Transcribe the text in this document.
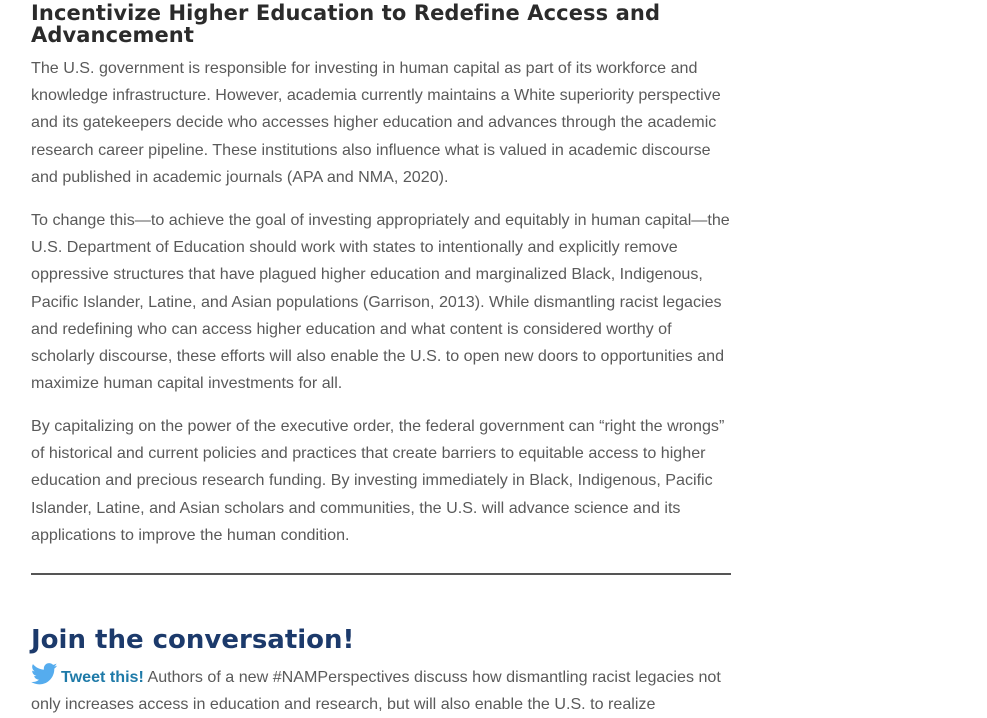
Incentivize Higher Education to Redefine Access and Advancement

The U.S. government is responsible for investing in human capital as part of its workforce and knowledge infrastructure. However, academia currently maintains a White superiority perspective and its gatekeepers decide who accesses higher education and advances through the academic research career pipeline. These institutions also influence what is valued in academic discourse and published in academic journals (APA and NMA, 2020).

To change this—to achieve the goal of investing appropriately and equitably in human capital—the U.S. Department of Education should work with states to intentionally and explicitly remove oppressive structures that have plagued higher education and marginalized Black, Indigenous, Pacific Islander, Latine, and Asian populations (Garrison, 2013). While dismantling racist legacies and redefining who can access higher education and what content is considered worthy of scholarly discourse, these efforts will also enable the U.S. to open new doors to opportunities and maximize human capital investments for all.

By capitalizing on the power of the executive order, the federal government can “right the wrongs” of historical and current policies and practices that create barriers to equitable access to higher education and precious research funding. By investing immediately in Black, Indigenous, Pacific Islander, Latine, and Asian scholars and communities, the U.S. will advance science and its applications to improve the human condition.

Join the conversation!

Tweet this! Authors of a new #NAMPerspectives discuss how dismantling racist legacies not only increases access in education and research, but will also enable the U.S. to realize
